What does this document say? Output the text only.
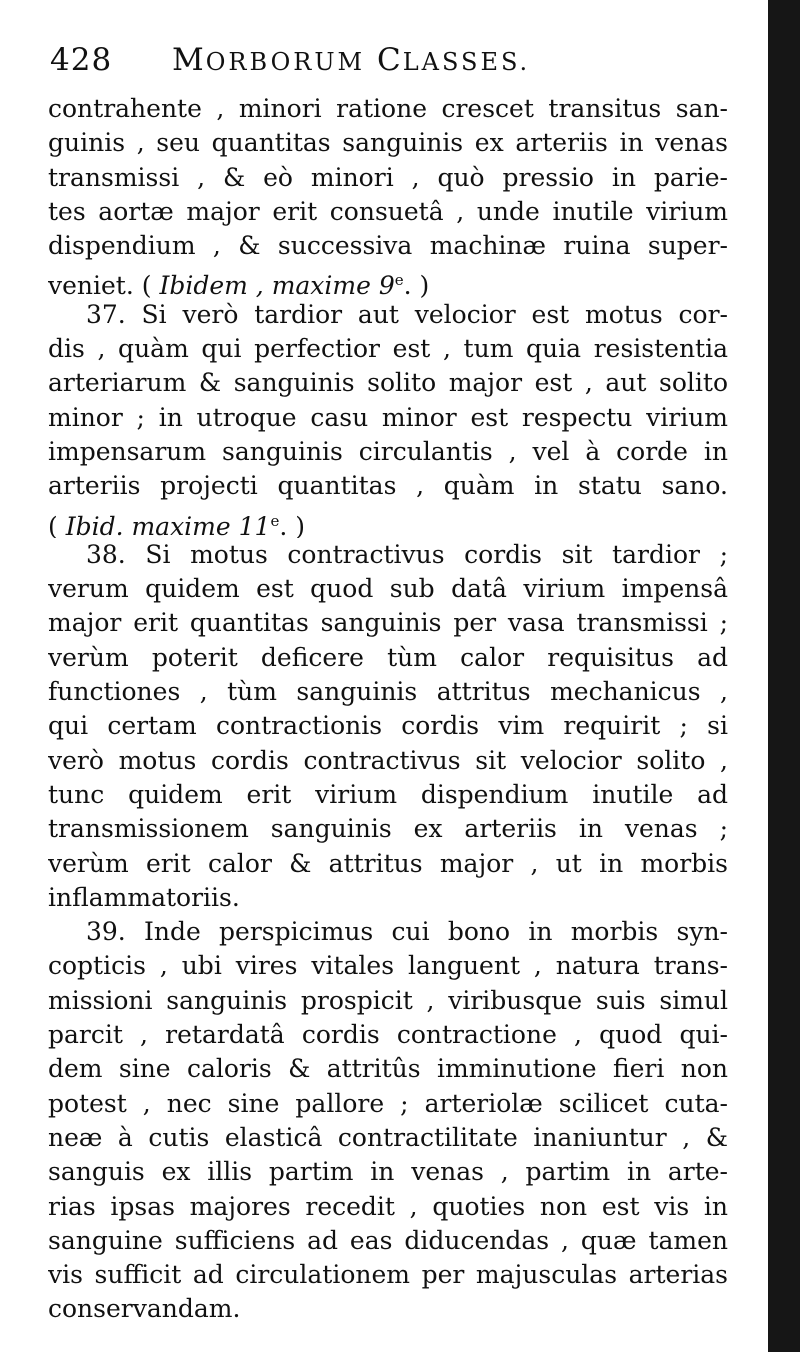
428 MORBORUM CLASSES.
contrahente , minori ratione crescet transitus san-
guinis , seu quantitas sanguinis ex arteriis in venas
transmissi , & eò minori , quò pressio in parie-
tes aortæ major erit consuetâ , unde inutile virium
dispendium , & successiva machinæ ruina super-
veniet. ( Ibidem , maxime 9e. )
37. Si verò tardior aut velocior est motus cor-
dis , quàm qui perfectior est , tum quia resistentia
arteriarum & sanguinis solito major est , aut solito
minor ; in utroque casu minor est respectu virium
impensarum sanguinis circulantis , vel à corde in
arteriis projecti quantitas , quàm in statu sano.
( Ibid. maxime 11e. )
38. Si motus contractivus cordis sit tardior ;
verum quidem est quod sub datâ virium impensâ
major erit quantitas sanguinis per vasa transmissi ;
verùm poterit deficere tùm calor requisitus ad
functiones , tùm sanguinis attritus mechanicus ,
qui certam contractionis cordis vim requirit ; si
verò motus cordis contractivus sit velocior solito ,
tunc quidem erit virium dispendium inutile ad
transmissionem sanguinis ex arteriis in venas ;
verùm erit calor & attritus major , ut in morbis
inflammatoriis.
39. Inde perspicimus cui bono in morbis syn-
copticis , ubi vires vitales languent , natura trans-
missioni sanguinis prospicit , viribusque suis simul
parcit , retardatâ cordis contractione , quod qui-
dem sine caloris & attritûs imminutione fieri non
potest , nec sine pallore ; arteriolæ scilicet cuta-
neæ à cutis elasticâ contractilitate inaniuntur , &
sanguis ex illis partim in venas , partim in arte-
rias ipsas majores recedit , quoties non est vis in
sanguine sufficiens ad eas diducendas , quæ tamen
vis sufficit ad circulationem per majusculas arterias
conservandam.
